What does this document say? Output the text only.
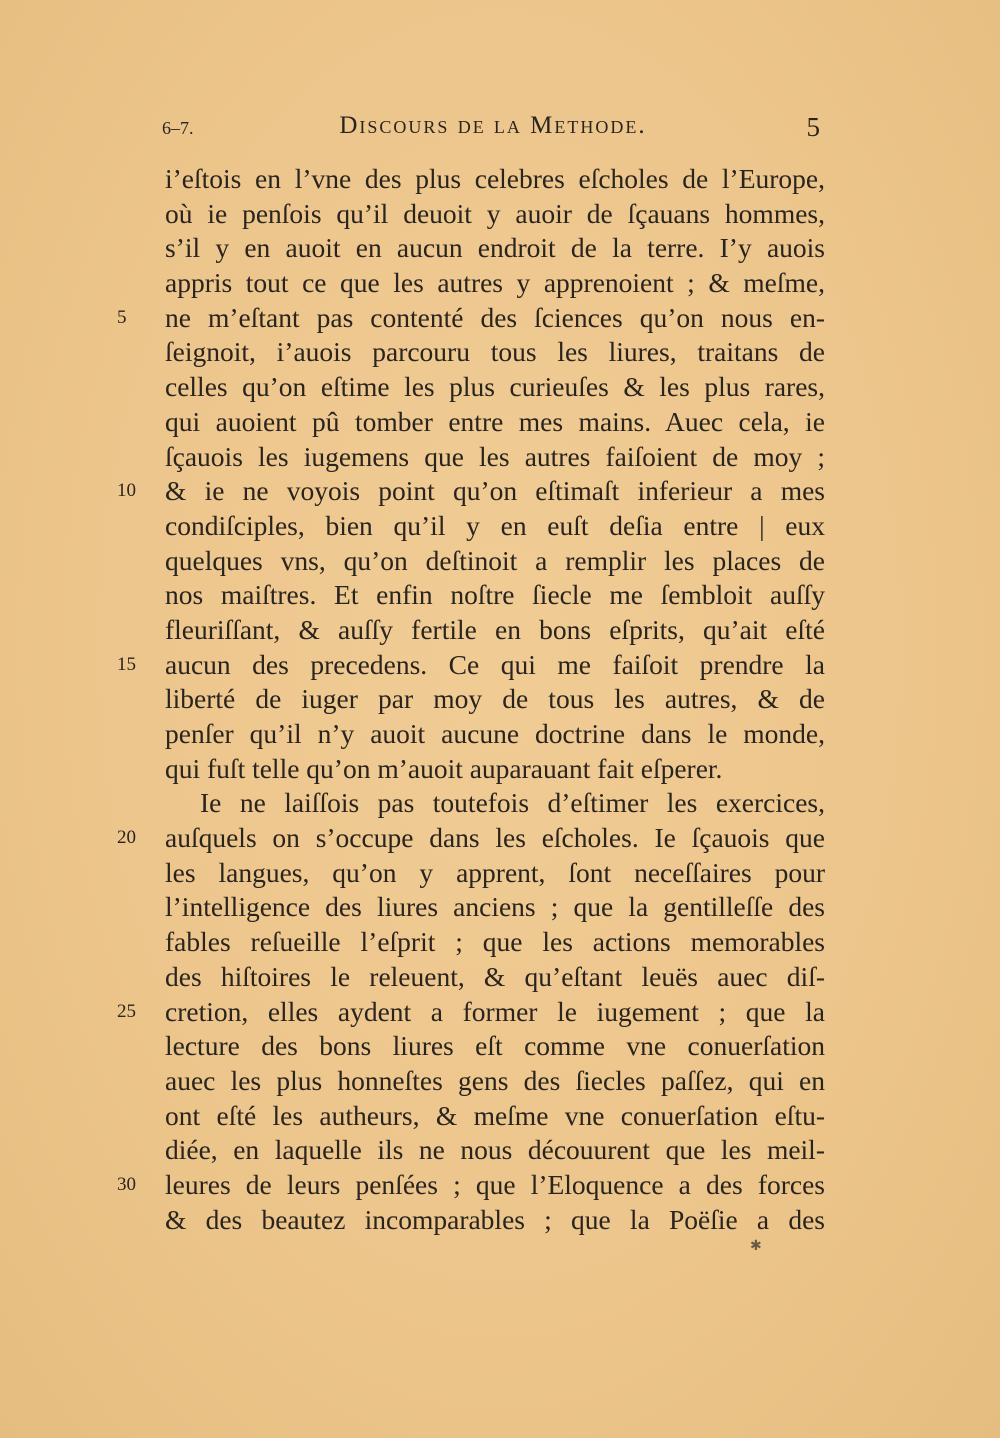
6–7.	Discours de la Methode.	5
i’eſtois en l’vne des plus celebres eſcholes de l’Europe,
où ie penſois qu’il deuoit y auoir de ſçauans hommes,
s’il y en auoit en aucun endroit de la terre. I’y auois
appris tout ce que les autres y apprenoient ; & meſme,
ne m’eſtant pas contenté des ſciences qu’on nous en-
5
ſeignoit, i’auois parcouru tous les liures, traitans de
celles qu’on eſtime les plus curieuſes & les plus rares,
qui auoient pû tomber entre mes mains. Auec cela, ie
ſçauois les iugemens que les autres faiſoient de moy ;
& ie ne voyois point qu’on eſtimaſt inferieur a mes
10
condiſciples, bien qu’il y en euſt deſia entre | eux
quelques vns, qu’on deſtinoit a remplir les places de
nos maiſtres. Et enfin noſtre ſiecle me ſembloit auſſy
fleuriſſant, & auſſy fertile en bons eſprits, qu’ait eſté
aucun des precedens. Ce qui me faiſoit prendre la
15
liberté de iuger par moy de tous les autres, & de
penſer qu’il n’y auoit aucune doctrine dans le monde,
qui fuſt telle qu’on m’auoit auparauant fait eſperer.
Ie ne laiſſois pas toutefois d’eſtimer les exercices,
auſquels on s’occupe dans les eſcholes. Ie ſçauois que
20
les langues, qu’on y apprent, ſont neceſſaires pour
l’intelligence des liures anciens ; que la gentilleſſe des
fables reſueille l’eſprit ; que les actions memorables
des hiſtoires le releuent, & qu’eſtant leuës auec diſ-
cretion, elles aydent a former le iugement ; que la
25
lecture des bons liures eſt comme vne conuerſation
auec les plus honneſtes gens des ſiecles paſſez, qui en
ont eſté les autheurs, & meſme vne conuerſation eſtu-
diée, en laquelle ils ne nous découurent que les meil-
leures de leurs penſées ; que l’Eloquence a des forces
30
& des beautez incomparables ; que la Poëſie a des
✱
